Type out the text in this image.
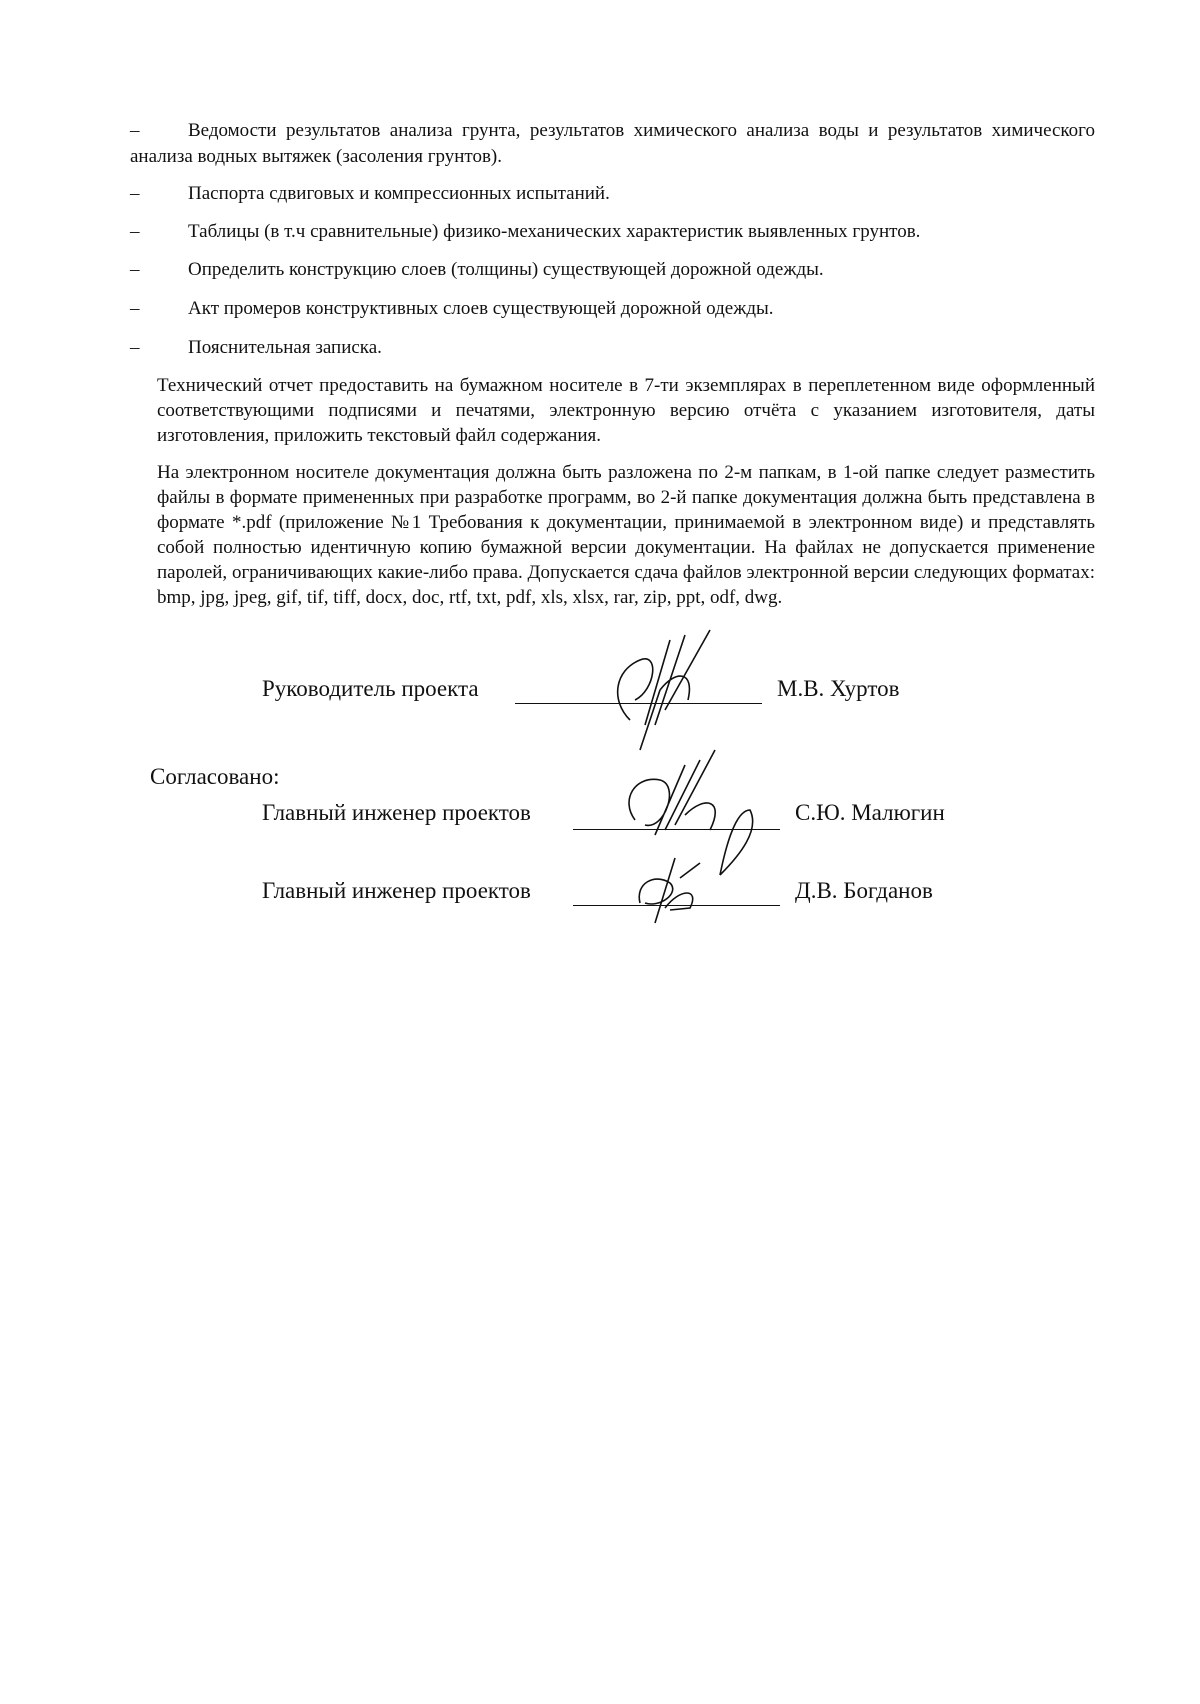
–	Ведомости результатов анализа грунта, результатов химического анализа воды и результатов химического анализа водных вытяжек (засоления грунтов).
–	Паспорта сдвиговых и компрессионных испытаний.
–	Таблицы (в т.ч сравнительные) физико-механических характеристик выявленных грунтов.
–	Определить конструкцию слоев (толщины) существующей дорожной одежды.
–	Акт промеров конструктивных слоев существующей дорожной одежды.
–	Пояснительная записка.
Технический отчет предоставить на бумажном носителе в 7-ти экземплярах в переплетенном виде оформленный соответствующими подписями и печатями, электронную версию отчёта с указанием изготовителя, даты изготовления, приложить текстовый файл содержания.
На электронном носителе документация должна быть разложена по 2-м папкам, в 1-ой папке следует разместить файлы в формате примененных при разработке программ, во 2-й папке документация должна быть представлена в формате *.pdf (приложение №1 Требования к документации, принимаемой в электронном виде) и представлять собой полностью идентичную копию бумажной версии документации. На файлах не допускается применение паролей, ограничивающих какие-либо права. Допускается сдача файлов электронной версии следующих форматах: bmp, jpg, jpeg, gif, tif, tiff, docx, doc, rtf, txt, pdf, xls, xlsx, rar, zip, ppt, odf, dwg.
Руководитель проекта	М.В. Хуртов
Согласовано:
Главный инженер проектов	С.Ю. Малюгин
Главный инженер проектов	Д.В. Богданов
